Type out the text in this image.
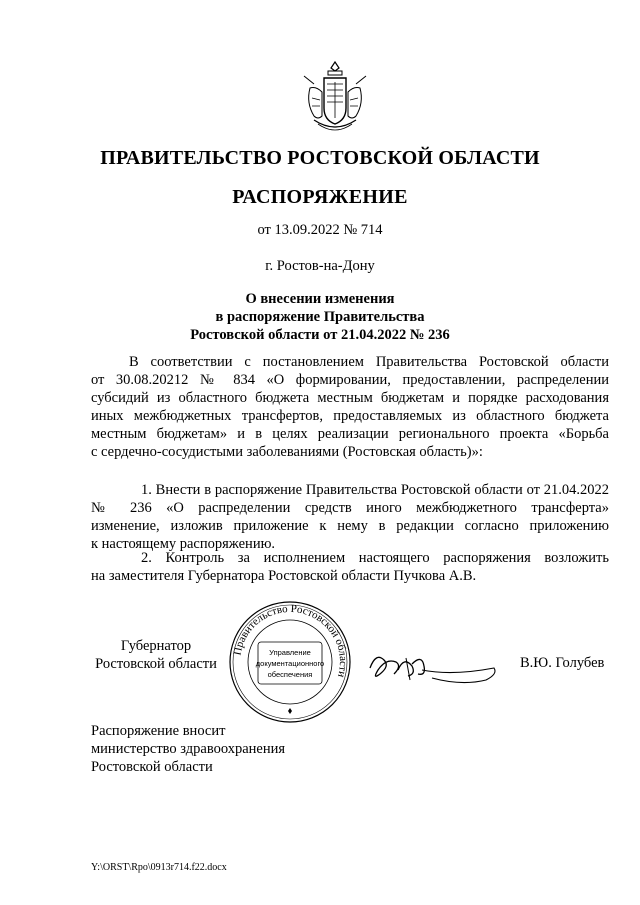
ПРАВИТЕЛЬСТВО РОСТОВСКОЙ ОБЛАСТИ
РАСПОРЯЖЕНИЕ
от 13.09.2022 № 714
г. Ростов-на-Дону
О внесении изменения
в распоряжение Правительства
Ростовской области от 21.04.2022 № 236
В соответствии с постановлением Правительства Ростовской области
от 30.08.20212 № 834 «О формировании, предоставлении, распределении
субсидий из областного бюджета местным бюджетам и порядке расходования
иных межбюджетных трансфертов, предоставляемых из областного бюджета
местным бюджетам» и в целях реализации регионального проекта «Борьба
с сердечно-сосудистыми заболеваниями (Ростовская область)»:
1. Внести в распоряжение Правительства Ростовской области от 21.04.2022
№ 236 «О распределении средств иного межбюджетного трансферта»
изменение, изложив приложение к нему в редакции согласно приложению
к настоящему распоряжению.
2. Контроль за исполнением настоящего распоряжения возложить
на заместителя Губернатора Ростовской области Пучкова А.В.
Губернатор
Ростовской области
Правительство Ростовской области
Управление
документационного
обеспечения
В.Ю. Голубев
Распоряжение вносит
министерство здравоохранения
Ростовской области
Y:\ORST\Rpo\0913r714.f22.docx
